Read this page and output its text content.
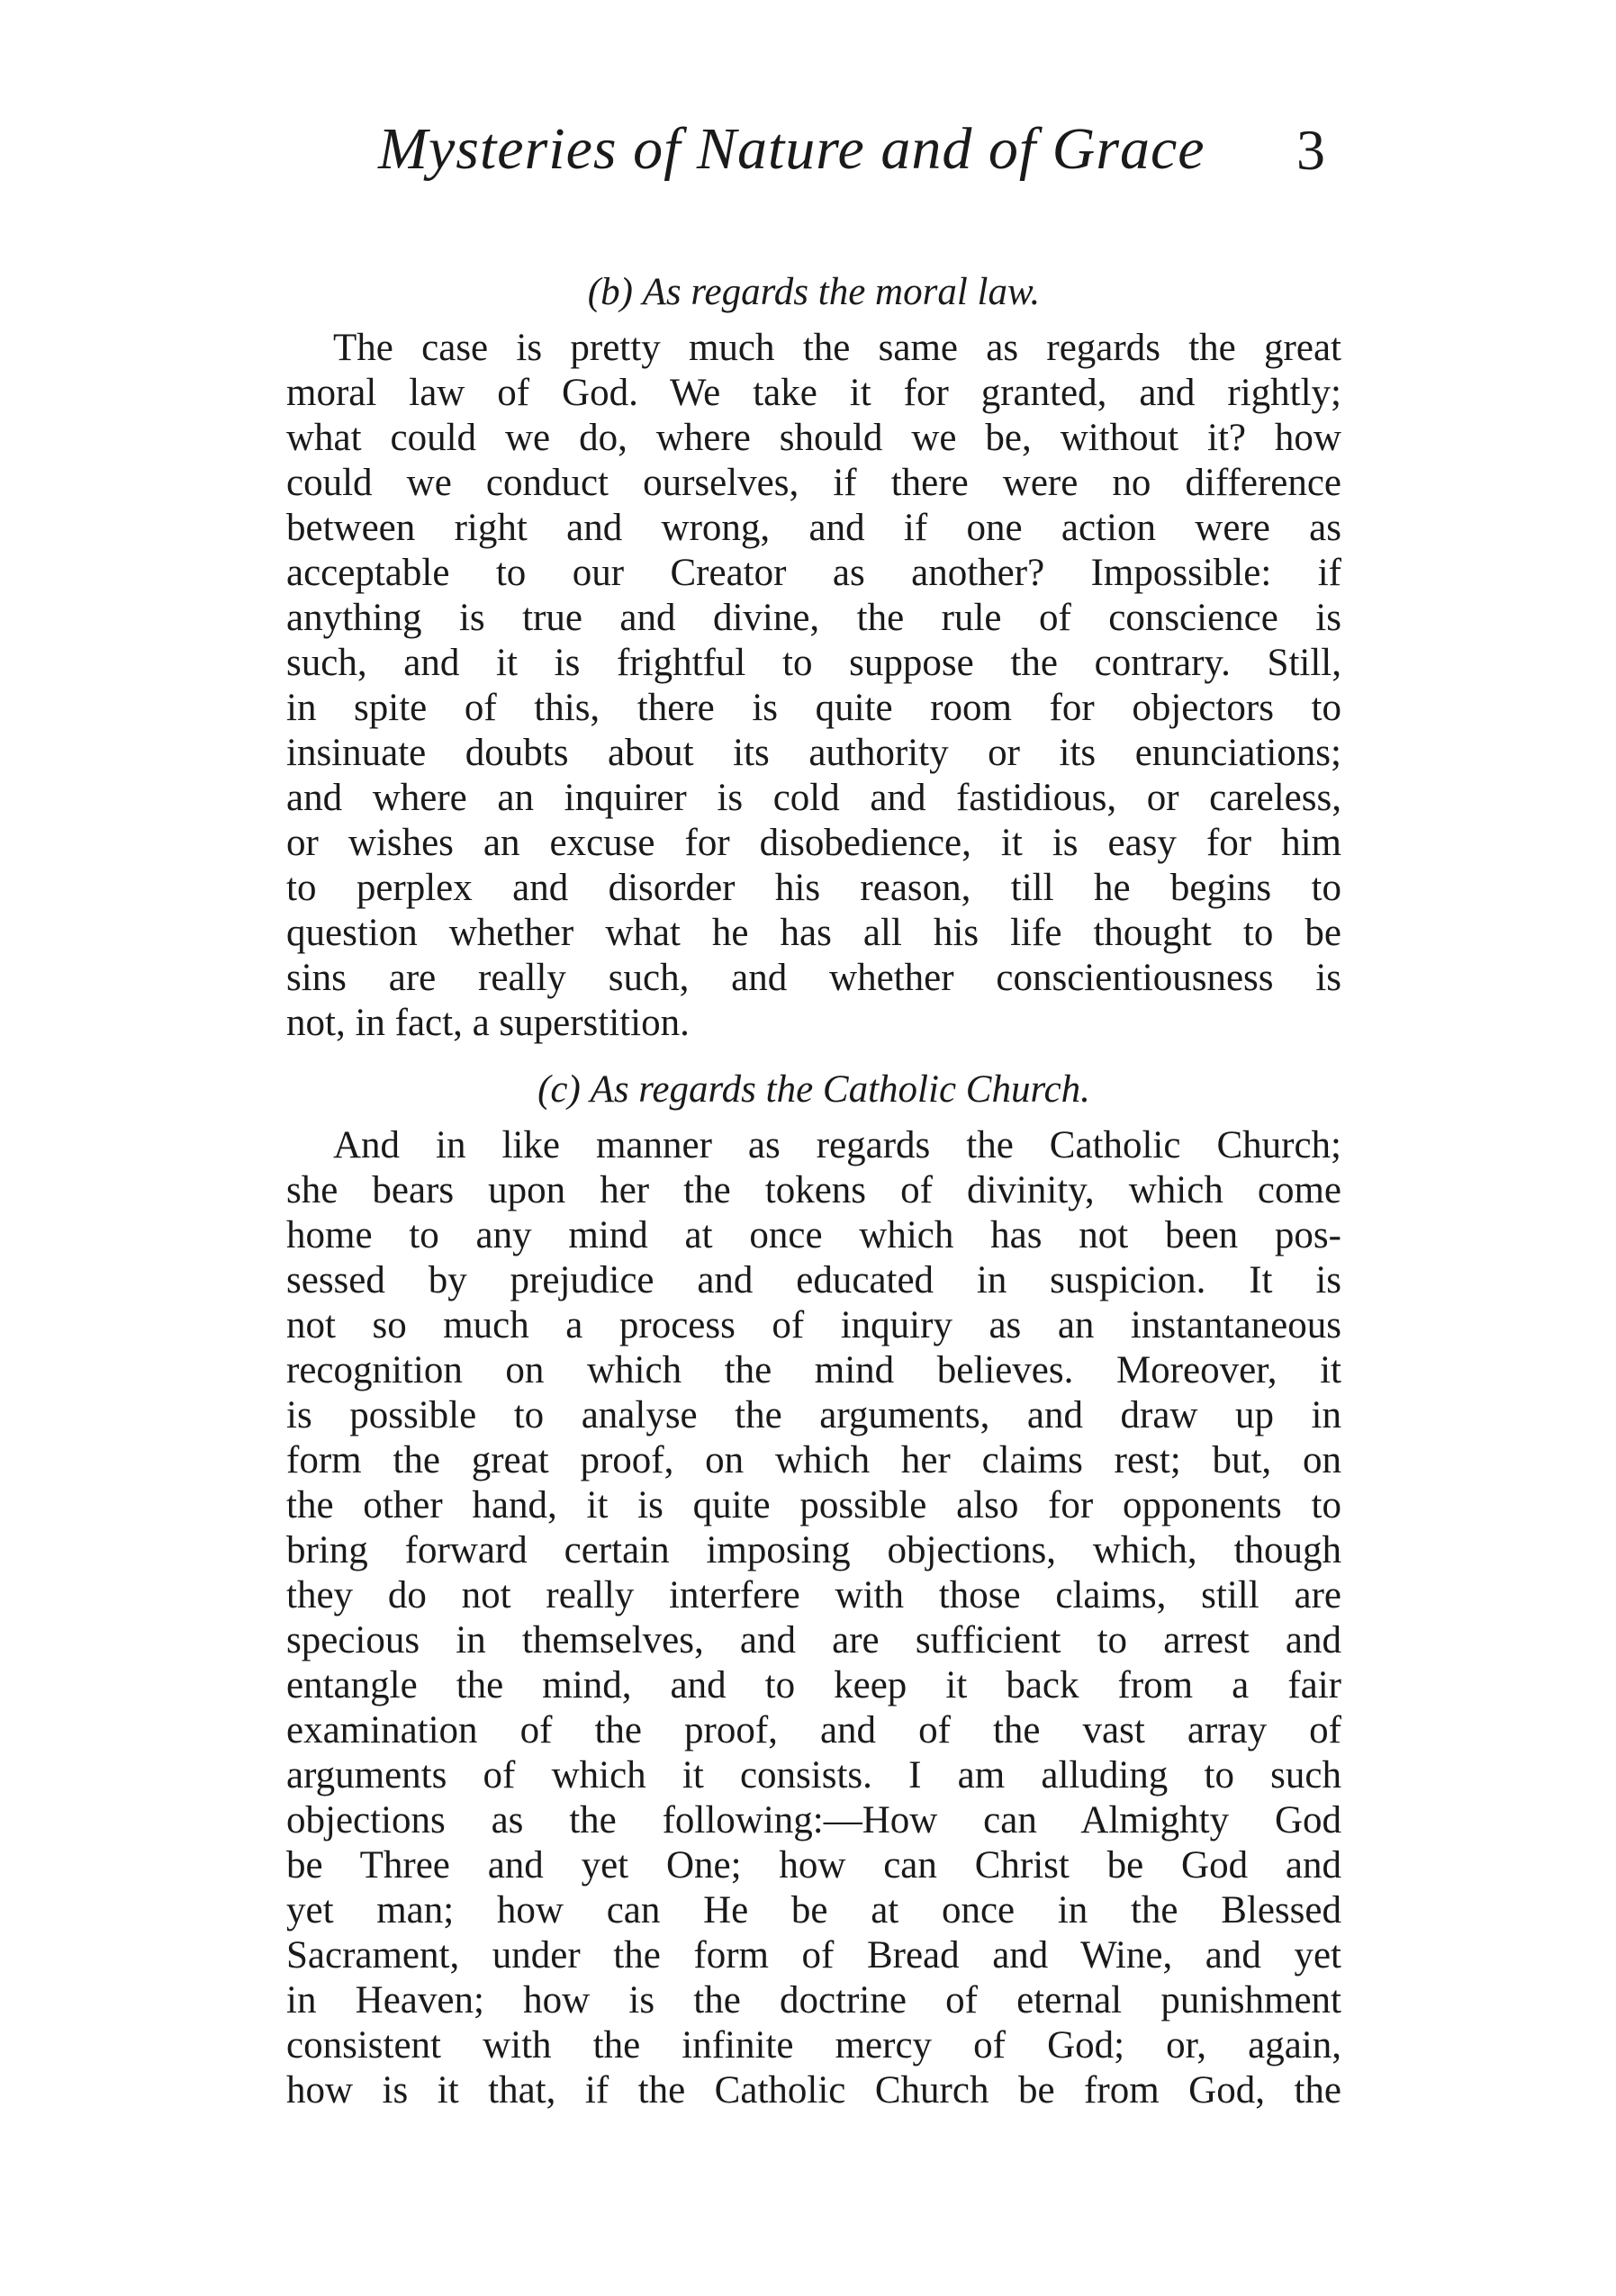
Mysteries of Nature and of Grace 3
(b) As regards the moral law.
The case is pretty much the same as regards the great
moral law of God. We take it for granted, and rightly;
what could we do, where should we be, without it? how
could we conduct ourselves, if there were no difference
between right and wrong, and if one action were as
acceptable to our Creator as another? Impossible: if
anything is true and divine, the rule of conscience is
such, and it is frightful to suppose the contrary. Still,
in spite of this, there is quite room for objectors to
insinuate doubts about its authority or its enunciations;
and where an inquirer is cold and fastidious, or careless,
or wishes an excuse for disobedience, it is easy for him
to perplex and disorder his reason, till he begins to
question whether what he has all his life thought to be
sins are really such, and whether conscientiousness is
not, in fact, a superstition.
(c) As regards the Catholic Church.
And in like manner as regards the Catholic Church;
she bears upon her the tokens of divinity, which come
home to any mind at once which has not been pos-
sessed by prejudice and educated in suspicion. It is
not so much a process of inquiry as an instantaneous
recognition on which the mind believes. Moreover, it
is possible to analyse the arguments, and draw up in
form the great proof, on which her claims rest; but, on
the other hand, it is quite possible also for opponents to
bring forward certain imposing objections, which, though
they do not really interfere with those claims, still are
specious in themselves, and are sufficient to arrest and
entangle the mind, and to keep it back from a fair
examination of the proof, and of the vast array of
arguments of which it consists. I am alluding to such
objections as the following:—How can Almighty God
be Three and yet One; how can Christ be God and
yet man; how can He be at once in the Blessed
Sacrament, under the form of Bread and Wine, and yet
in Heaven; how is the doctrine of eternal punishment
consistent with the infinite mercy of God; or, again,
how is it that, if the Catholic Church be from God, the
